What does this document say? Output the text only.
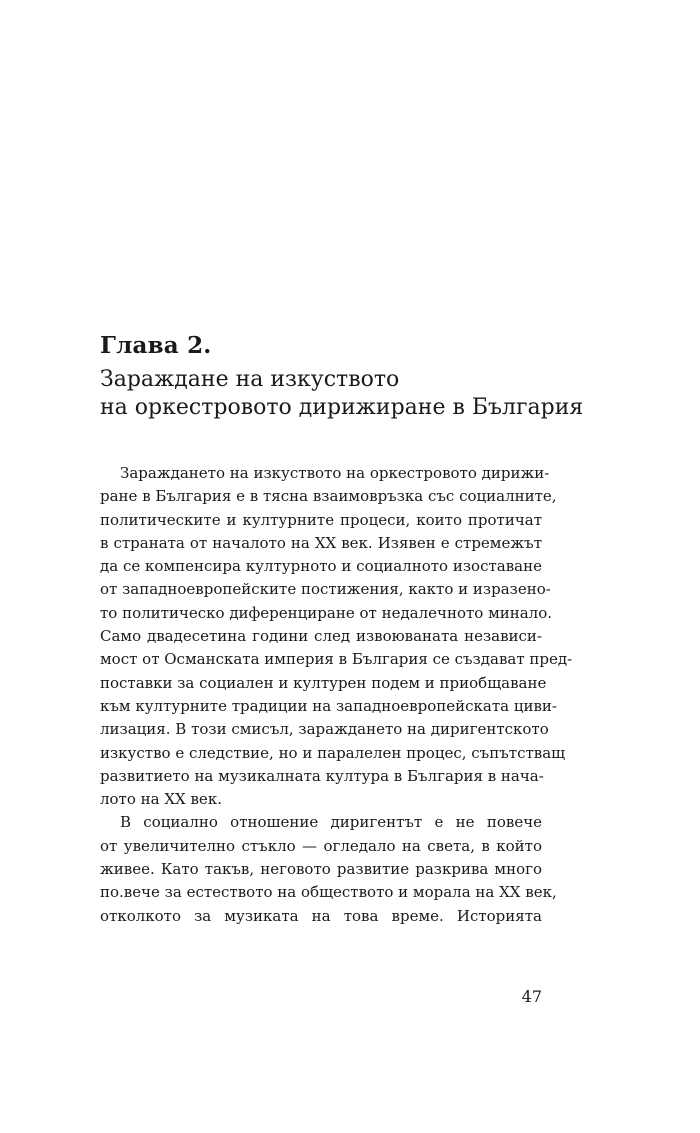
Глава 2.
Зараждане на изкуството
на оркестровото дирижиране в България
Зараждането на изкуството на оркестровото дирижи-
ране в България е в тясна взаимовръзка със социалните,
политическите и културните процеси, които протичат
в страната от началото на XX век. Изявен е стремежът
да се компенсира културното и социалното изоставане
от западноевропейските постижения, както и изразено-
то политическо диференциране от недалечното минало.
Само двадесетина години след извоюваната независи-
мост от Османската империя в България се създават пред-
поставки за социален и културен подем и приобщаване
към културните традиции на западноевропейската циви-
лизация. В този смисъл, зараждането на диригентското
изкуство е следствие, но и паралелен процес, съпътстващ
развитието на музикалната култура в България в нача-
лото на XX век.
В социално отношение диригентът е не повече
от увеличително стъкло — огледало на света, в който
живее. Като такъв, неговото развитие разкрива много
по.вече за естеството на обществото и морала на XX век,
отколкото за музиката на това време. Историята
47
